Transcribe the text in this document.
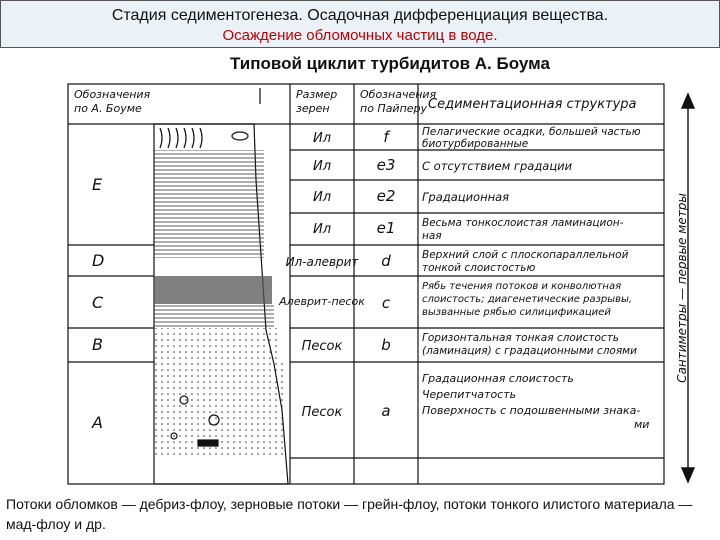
Стадия седиментогенеза. Осадочная дифференциация вещества.
Осаждение обломочных частиц в воде.
Типовой циклит турбидитов А. Боума
Обозначения
по А. Боуме
Размер
зерен
Обозначения
по Пайперу Седиментационная структура
E
D
C
B
A
Ил
Ил
Ил
Ил
Ил-алеврит
Алеврит-песок
Песок
Песок
f
e3
e2
e1
d
c
b
a
Пелагические осадки, большей частью
биотурбированные
С отсутствием градации
Градационная
Весьма тонкослоистая ламинацион-
ная
Верхний слой с плоскопараллельной
тонкой слоистостью
Рябь течения потоков и конволютная
слоистость; диагенетические разрывы,
вызванные рябью силицификацией
Горизонтальная тонкая слоистость
(ламинация) с градационными слоями
Градационная слоистость
Черепитчатость
Поверхность с подошвенными знака-
ми
Сантиметры — первые метры
Потоки обломков — дебриз-флоу, зерновые потоки — грейн-флоу, потоки тонкого илистого материала — мад-флоу и др.
